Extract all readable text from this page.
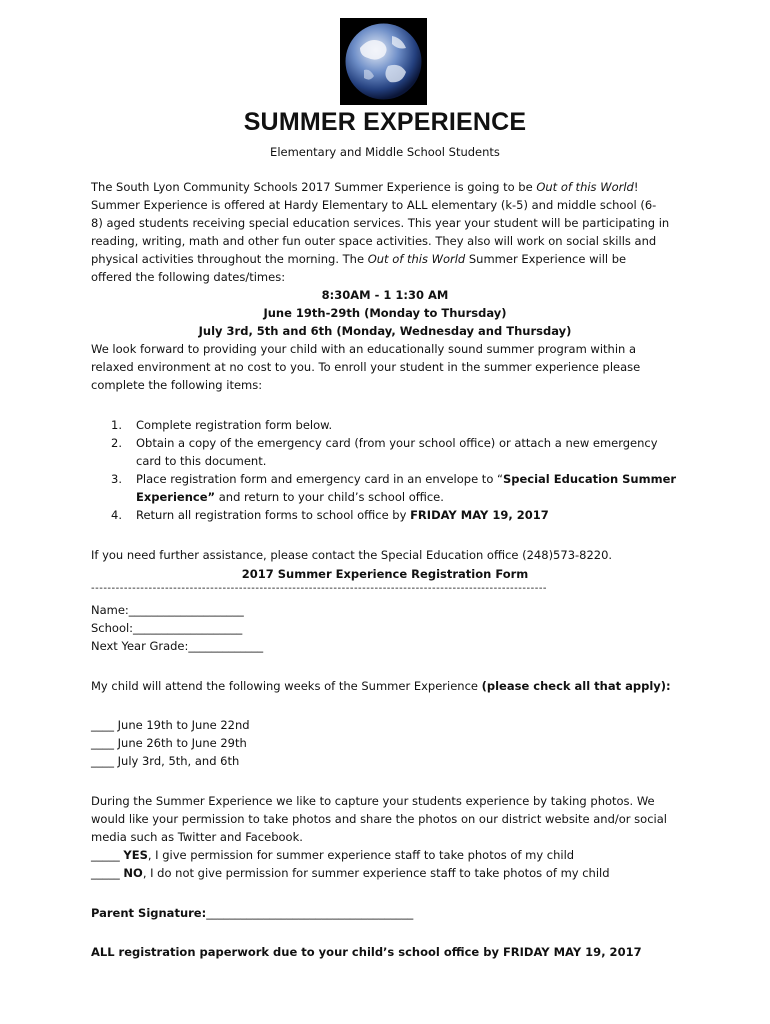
SUMMER EXPERIENCE
Elementary and Middle School Students
The South Lyon Community Schools 2017 Summer Experience is going to be Out of this World!
Summer Experience is offered at Hardy Elementary to ALL elementary (k-5) and middle school (6-
8) aged students receiving special education services. This year your student will be participating in
reading, writing, math and other fun outer space activities. They also will work on social skills and
physical activities throughout the morning. The Out of this World Summer Experience will be
offered the following dates/times:
8:30AM - 1 1:30 AM
June 19th-29th (Monday to Thursday)
July 3rd, 5th and 6th (Monday, Wednesday and Thursday)
We look forward to providing your child with an educationally sound summer program within a
relaxed environment at no cost to you. To enroll your student in the summer experience please
complete the following items:
1.	Complete registration form below.
2.	Obtain a copy of the emergency card (from your school office) or attach a new emergency
card to this document.
3.	Place registration form and emergency card in an envelope to “Special Education Summer
Experience” and return to your child’s school office.
4.	Return all registration forms to school office by FRIDAY MAY 19, 2017
If you need further assistance, please contact the Special Education office (248)573-8220.
2017 Summer Experience Registration Form
---------------------------------------------------------------------------------------------------------------
Name:____________________
School:___________________
Next Year Grade:_____________
My child will attend the following weeks of the Summer Experience (please check all that apply):
____ June 19th to June 22nd
____ June 26th to June 29th
____ July 3rd, 5th, and 6th
During the Summer Experience we like to capture your students experience by taking photos. We
would like your permission to take photos and share the photos on our district website and/or social
media such as Twitter and Facebook.
_____ YES, I give permission for summer experience staff to take photos of my child
_____ NO, I do not give permission for summer experience staff to take photos of my child
Parent Signature:____________________________________
ALL registration paperwork due to your child’s school office by FRIDAY MAY 19, 2017
